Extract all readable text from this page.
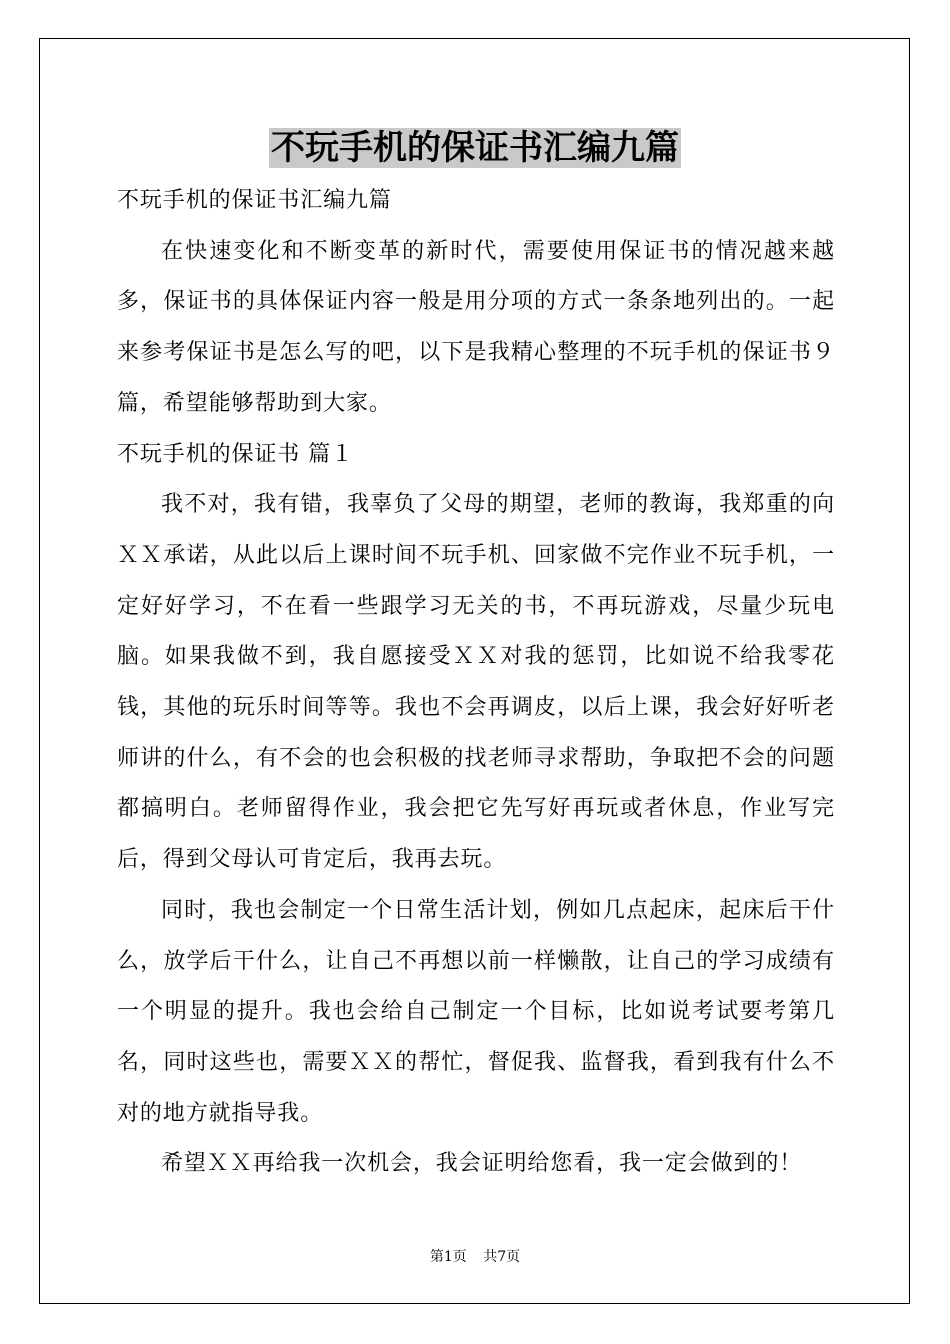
不玩手机的保证书汇编九篇

不玩手机的保证书汇编九篇

在快速变化和不断变革的新时代，需要使用保证书的情况越来越多，保证书的具体保证内容一般是用分项的方式一条条地列出的。一起来参考保证书是怎么写的吧，以下是我精心整理的不玩手机的保证书９篇，希望能够帮助到大家。

不玩手机的保证书 篇１

我不对，我有错，我辜负了父母的期望，老师的教诲，我郑重的向ＸＸ承诺，从此以后上课时间不玩手机、回家做不完作业不玩手机，一定好好学习，不在看一些跟学习无关的书，不再玩游戏，尽量少玩电脑。如果我做不到，我自愿接受ＸＸ对我的惩罚，比如说不给我零花钱，其他的玩乐时间等等。我也不会再调皮，以后上课，我会好好听老师讲的什么，有不会的也会积极的找老师寻求帮助，争取把不会的问题都搞明白。老师留得作业，我会把它先写好再玩或者休息，作业写完后，得到父母认可肯定后，我再去玩。

同时，我也会制定一个日常生活计划，例如几点起床，起床后干什么，放学后干什么，让自己不再想以前一样懒散，让自己的学习成绩有一个明显的提升。我也会给自己制定一个目标，比如说考试要考第几名，同时这些也，需要ＸＸ的帮忙，督促我、监督我，看到我有什么不对的地方就指导我。

希望ＸＸ再给我一次机会，我会证明给您看，我一定会做到的！

第1页 共7页
